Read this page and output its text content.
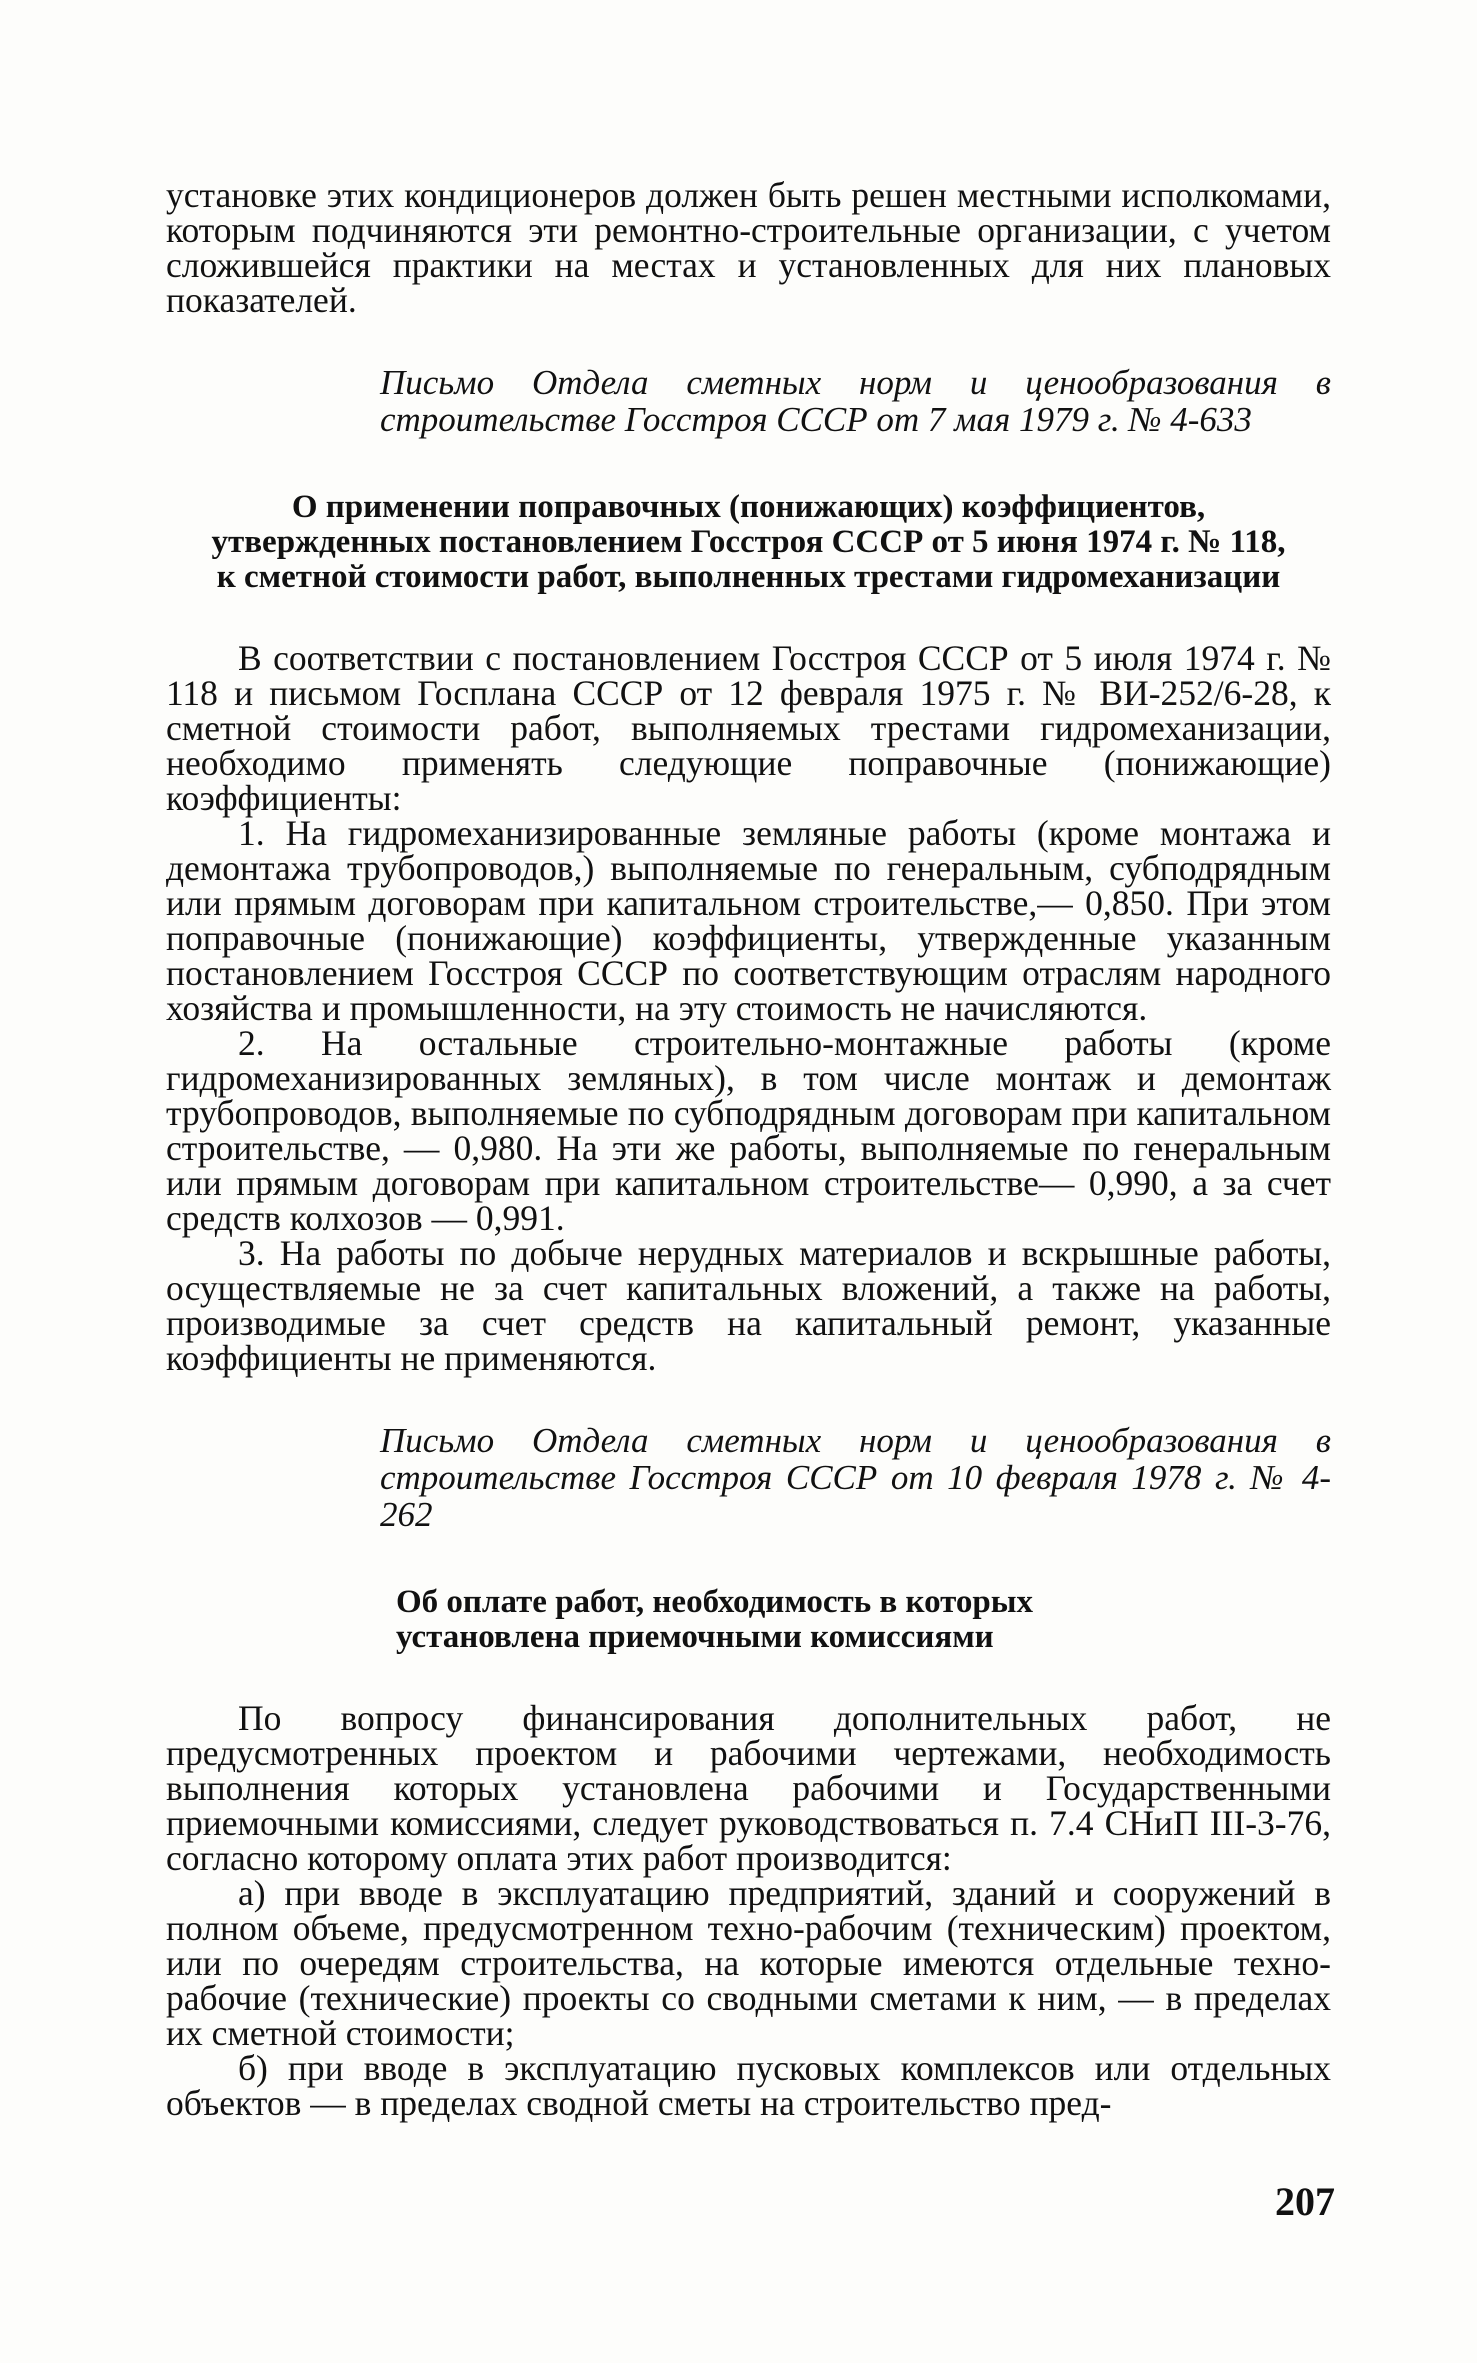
установке этих кондиционеров должен быть решен местными исполкомами, которым подчиняются эти ремонтно-строительные организации, с учетом сложившейся практики на местах и установленных для них плановых показателей.

Письмо Отдела сметных норм и ценообразования в строительстве Госстроя СССР от 7 мая 1979 г. № 4-633

О применении поправочных (понижающих) коэффициентов, утвержденных постановлением Госстроя СССР от 5 июня 1974 г. № 118, к сметной стоимости работ, выполненных трестами гидромеханизации

В соответствии с постановлением Госстроя СССР от 5 июля 1974 г. № 118 и письмом Госплана СССР от 12 февраля 1975 г. № ВИ-252/6-28, к сметной стоимости работ, выполняемых трестами гидромеханизации, необходимо применять следующие поправочные (понижающие) коэффициенты:

1. На гидромеханизированные земляные работы (кроме монтажа и демонтажа трубопроводов,) выполняемые по генеральным, субподрядным или прямым договорам при капитальном строительстве,— 0,850. При этом поправочные (понижающие) коэффициенты, утвержденные указанным постановлением Госстроя СССР по соответствующим отраслям народного хозяйства и промышленности, на эту стоимость не начисляются.

2. На остальные строительно-монтажные работы (кроме гидромеханизированных земляных), в том числе монтаж и демонтаж трубопроводов, выполняемые по субподрядным договорам при капитальном строительстве, — 0,980. На эти же работы, выполняемые по генеральным или прямым договорам при капитальном строительстве— 0,990, а за счет средств колхозов — 0,991.

3. На работы по добыче нерудных материалов и вскрышные работы, осуществляемые не за счет капитальных вложений, а также на работы, производимые за счет средств на капитальный ремонт, указанные коэффициенты не применяются.

Письмо Отдела сметных норм и ценообразования в строительстве Госстроя СССР от 10 февраля 1978 г. № 4-262

Об оплате работ, необходимость в которых установлена приемочными комиссиями

По вопросу финансирования дополнительных работ, не предусмотренных проектом и рабочими чертежами, необходимость выполнения которых установлена рабочими и Государственными приемочными комиссиями, следует руководствоваться п. 7.4 СНиП III-3-76, согласно которому оплата этих работ производится:

а) при вводе в эксплуатацию предприятий, зданий и сооружений в полном объеме, предусмотренном техно-рабочим (техническим) проектом, или по очередям строительства, на которые имеются отдельные техно-рабочие (технические) проекты со сводными сметами к ним, — в пределах их сметной стоимости;

б) при вводе в эксплуатацию пусковых комплексов или отдельных объектов — в пределах сводной сметы на строительство пред-

207
